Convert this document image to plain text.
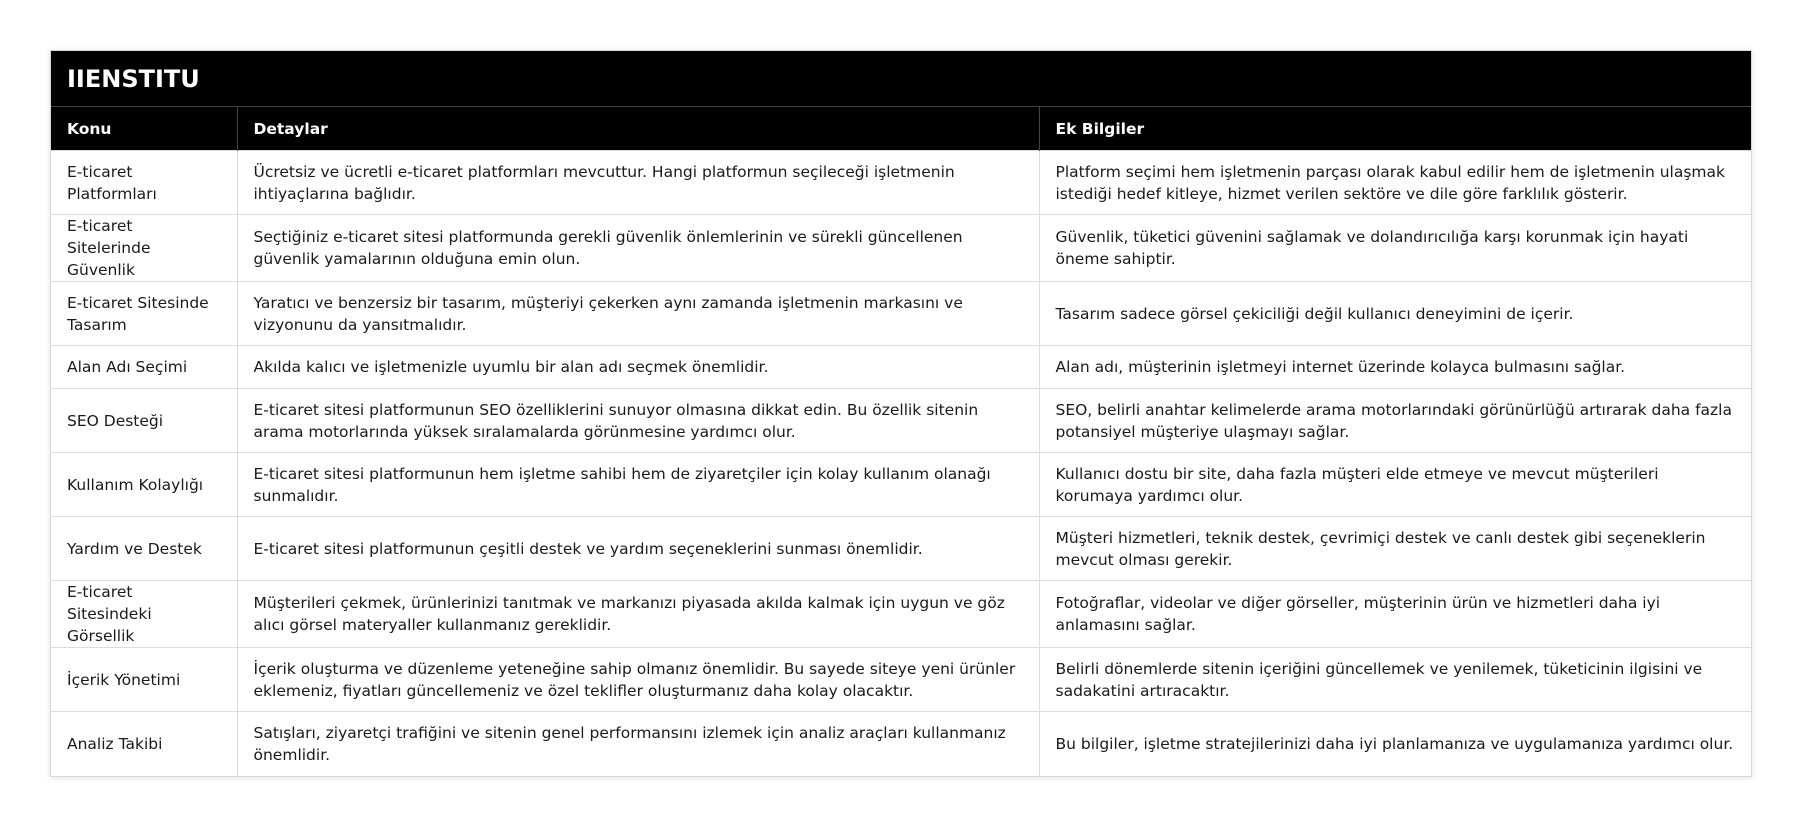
IIENSTITU		
Konu	Detaylar	Ek Bilgiler
E-ticaret Platformları	Ücretsiz ve ücretli e-ticaret platformları mevcuttur. Hangi platformun seçileceği işletmenin ihtiyaçlarına bağlıdır.	Platform seçimi hem işletmenin parçası olarak kabul edilir hem de işletmenin ulaşmak istediği hedef kitleye, hizmet verilen sektöre ve dile göre farklılık gösterir.
E-ticaret Sitelerinde Güvenlik	Seçtiğiniz e-ticaret sitesi platformunda gerekli güvenlik önlemlerinin ve sürekli güncellenen güvenlik yamalarının olduğuna emin olun.	Güvenlik, tüketici güvenini sağlamak ve dolandırıcılığa karşı korunmak için hayati öneme sahiptir.
E-ticaret Sitesinde Tasarım	Yaratıcı ve benzersiz bir tasarım, müşteriyi çekerken aynı zamanda işletmenin markasını ve vizyonunu da yansıtmalıdır.	Tasarım sadece görsel çekiciliği değil kullanıcı deneyimini de içerir.
Alan Adı Seçimi	Akılda kalıcı ve işletmenizle uyumlu bir alan adı seçmek önemlidir.	Alan adı, müşterinin işletmeyi internet üzerinde kolayca bulmasını sağlar.
SEO Desteği	E-ticaret sitesi platformunun SEO özelliklerini sunuyor olmasına dikkat edin. Bu özellik sitenin arama motorlarında yüksek sıralamalarda görünmesine yardımcı olur.	SEO, belirli anahtar kelimelerde arama motorlarındaki görünürlüğü artırarak daha fazla potansiyel müşteriye ulaşmayı sağlar.
Kullanım Kolaylığı	E-ticaret sitesi platformunun hem işletme sahibi hem de ziyaretçiler için kolay kullanım olanağı sunmalıdır.	Kullanıcı dostu bir site, daha fazla müşteri elde etmeye ve mevcut müşterileri korumaya yardımcı olur.
Yardım ve Destek	E-ticaret sitesi platformunun çeşitli destek ve yardım seçeneklerini sunması önemlidir.	Müşteri hizmetleri, teknik destek, çevrimiçi destek ve canlı destek gibi seçeneklerin mevcut olması gerekir.
E-ticaret Sitesindeki Görsellik	Müşterileri çekmek, ürünlerinizi tanıtmak ve markanızı piyasada akılda kalmak için uygun ve göz alıcı görsel materyaller kullanmanız gereklidir.	Fotoğraflar, videolar ve diğer görseller, müşterinin ürün ve hizmetleri daha iyi anlamasını sağlar.
İçerik Yönetimi	İçerik oluşturma ve düzenleme yeteneğine sahip olmanız önemlidir. Bu sayede siteye yeni ürünler eklemeniz, fiyatları güncellemeniz ve özel teklifler oluşturmanız daha kolay olacaktır.	Belirli dönemlerde sitenin içeriğini güncellemek ve yenilemek, tüketicinin ilgisini ve sadakatini artıracaktır.
Analiz Takibi	Satışları, ziyaretçi trafiğini ve sitenin genel performansını izlemek için analiz araçları kullanmanız önemlidir.	Bu bilgiler, işletme stratejilerinizi daha iyi planlamanıza ve uygulamanıza yardımcı olur.
